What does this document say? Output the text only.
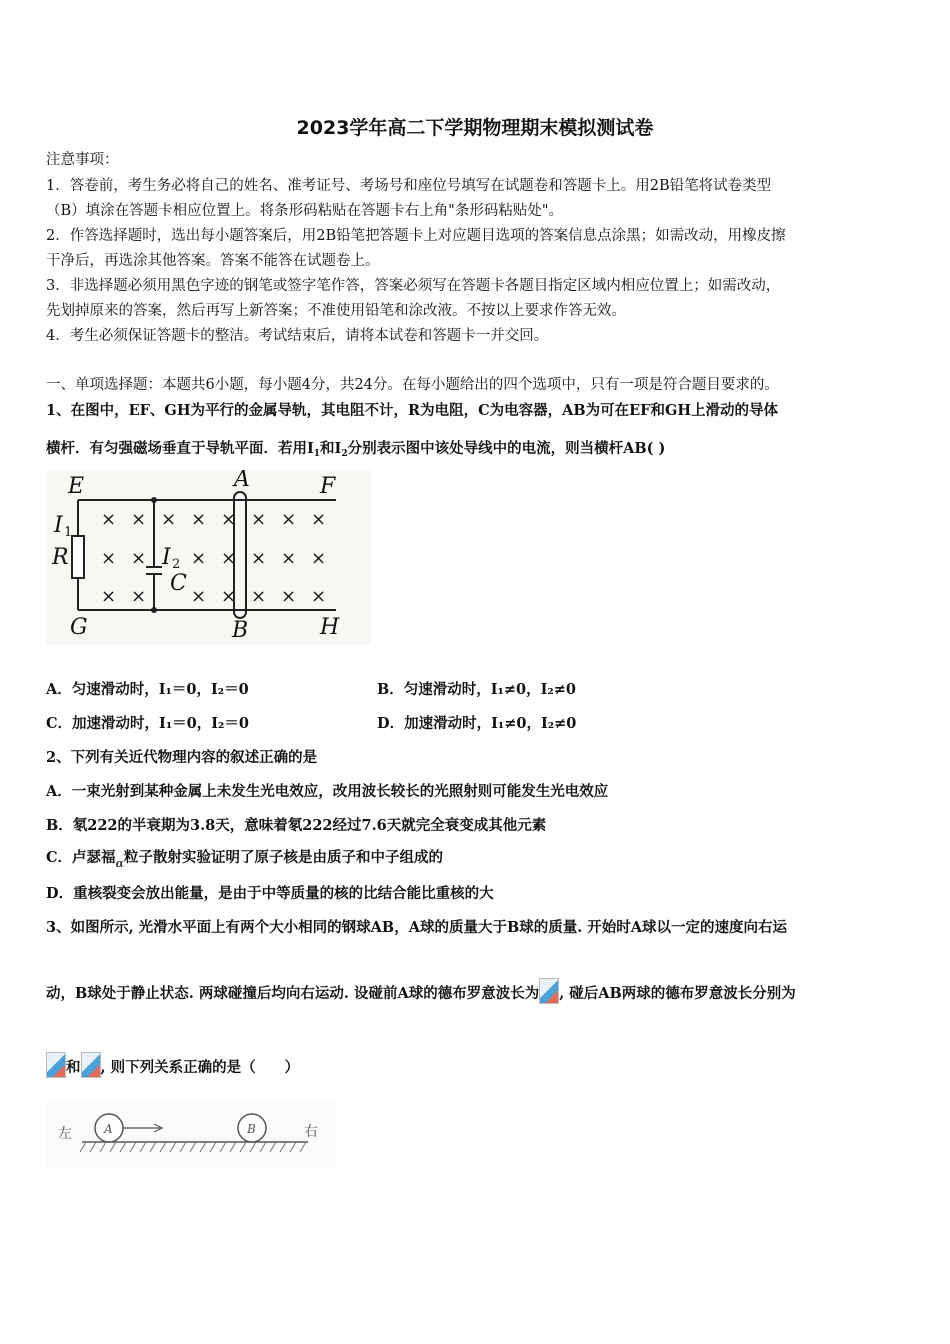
2023学年高二下学期物理期末模拟测试卷
注意事项：
1．答卷前，考生务必将自己的姓名、准考证号、考场号和座位号填写在试题卷和答题卡上。用2B铅笔将试卷类型
（B）填涂在答题卡相应位置上。将条形码粘贴在答题卡右上角"条形码粘贴处"。
2．作答选择题时，选出每小题答案后，用2B铅笔把答题卡上对应题目选项的答案信息点涂黑；如需改动，用橡皮擦
干净后，再选涂其他答案。答案不能答在试题卷上。
3．非选择题必须用黑色字迹的钢笔或签字笔作答，答案必须写在答题卡各题目指定区域内相应位置上；如需改动，
先划掉原来的答案，然后再写上新答案；不准使用铅笔和涂改液。不按以上要求作答无效。
4．考生必须保证答题卡的整洁。考试结束后，请将本试卷和答题卡一并交回。
一、单项选择题：本题共6小题，每小题4分，共24分。在每小题给出的四个选项中，只有一项是符合题目要求的。
1、在图中，EF、GH为平行的金属导轨，其电阻不计，R为电阻，C为电容器，AB为可在EF和GH上滑动的导体
横杆．有匀强磁场垂直于导轨平面．若用$I_1$和$I_2$分别表示图中该处导线中的电流，则当横杆AB( )
E	F
A
G	B	H
I 1
R	I 2
C
× × × × × × × ×
× × × × × × ×
× × × × × × ×
A．匀速滑动时，I₁＝0，I₂＝0	B．匀速滑动时，I₁≠0，I₂≠0
C．加速滑动时，I₁＝0，I₂＝0	D．加速滑动时，I₁≠0，I₂≠0
2、下列有关近代物理内容的叙述正确的是
A．一束光射到某种金属上未发生光电效应，改用波长较长的光照射则可能发生光电效应
B．氡222的半衰期为3.8天，意味着氡222经过7.6天就完全衰变成其他元素
C．卢瑟福$_\alpha$粒子散射实验证明了原子核是由质子和中子组成的
D．重核裂变会放出能量，是由于中等质量的核的比结合能比重核的大
3、如图所示, 光滑水平面上有两个大小相同的钢球AB，A球的质量大于B球的质量. 开始时A球以一定的速度向右运
动，B球处于静止状态. 两球碰撞后均向右运动. 设碰前A球的德布罗意波长为 , 碰后AB两球的德布罗意波长分别为
和 , 则下列关系正确的是（　　）
左	右
A	B
